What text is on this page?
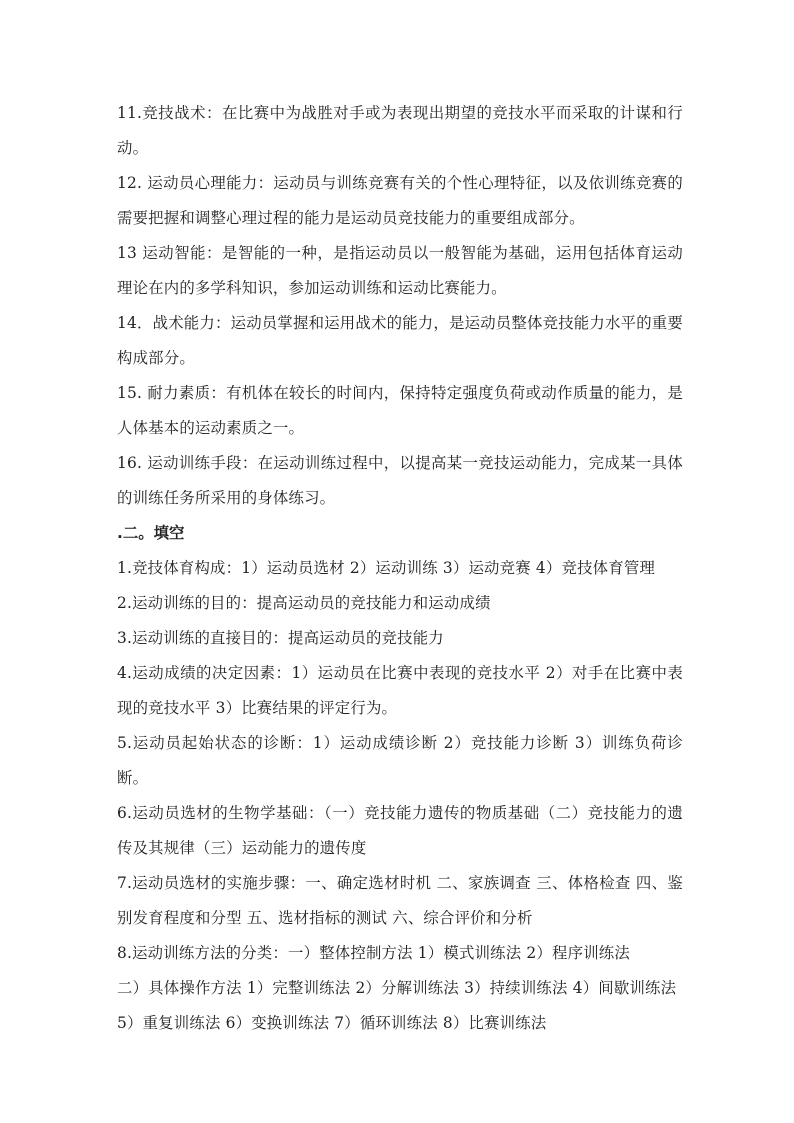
11.竞技战术：在比赛中为战胜对手或为表现出期望的竞技水平而采取的计谋和行动。

12. 运动员心理能力：运动员与训练竞赛有关的个性心理特征，以及依训练竞赛的需要把握和调整心理过程的能力是运动员竞技能力的重要组成部分。

13 运动智能：是智能的一种，是指运动员以一般智能为基础，运用包括体育运动理论在内的多学科知识，参加运动训练和运动比赛能力。

14．战术能力：运动员掌握和运用战术的能力，是运动员整体竞技能力水平的重要构成部分。

15. 耐力素质：有机体在较长的时间内，保持特定强度负荷或动作质量的能力，是人体基本的运动素质之一。

16. 运动训练手段：在运动训练过程中，以提高某一竞技运动能力，完成某一具体的训练任务所采用的身体练习。

.二。填空

1.竞技体育构成：1）运动员选材 2）运动训练 3）运动竞赛 4）竞技体育管理

2.运动训练的目的：提高运动员的竞技能力和运动成绩

3.运动训练的直接目的：提高运动员的竞技能力

4.运动成绩的决定因素：1）运动员在比赛中表现的竞技水平 2）对手在比赛中表现的竞技水平 3）比赛结果的评定行为。

5.运动员起始状态的诊断：1）运动成绩诊断 2）竞技能力诊断 3）训练负荷诊断。

6.运动员选材的生物学基础：（一）竞技能力遗传的物质基础（二）竞技能力的遗传及其规律（三）运动能力的遗传度

7.运动员选材的实施步骤：一、确定选材时机 二、家族调查 三、体格检查 四、鉴别发育程度和分型 五、选材指标的测试 六、综合评价和分析

8.运动训练方法的分类：一）整体控制方法 1）模式训练法 2）程序训练法

二）具体操作方法 1）完整训练法 2）分解训练法 3）持续训练法 4）间歇训练法

5）重复训练法 6）变换训练法 7）循环训练法 8）比赛训练法
